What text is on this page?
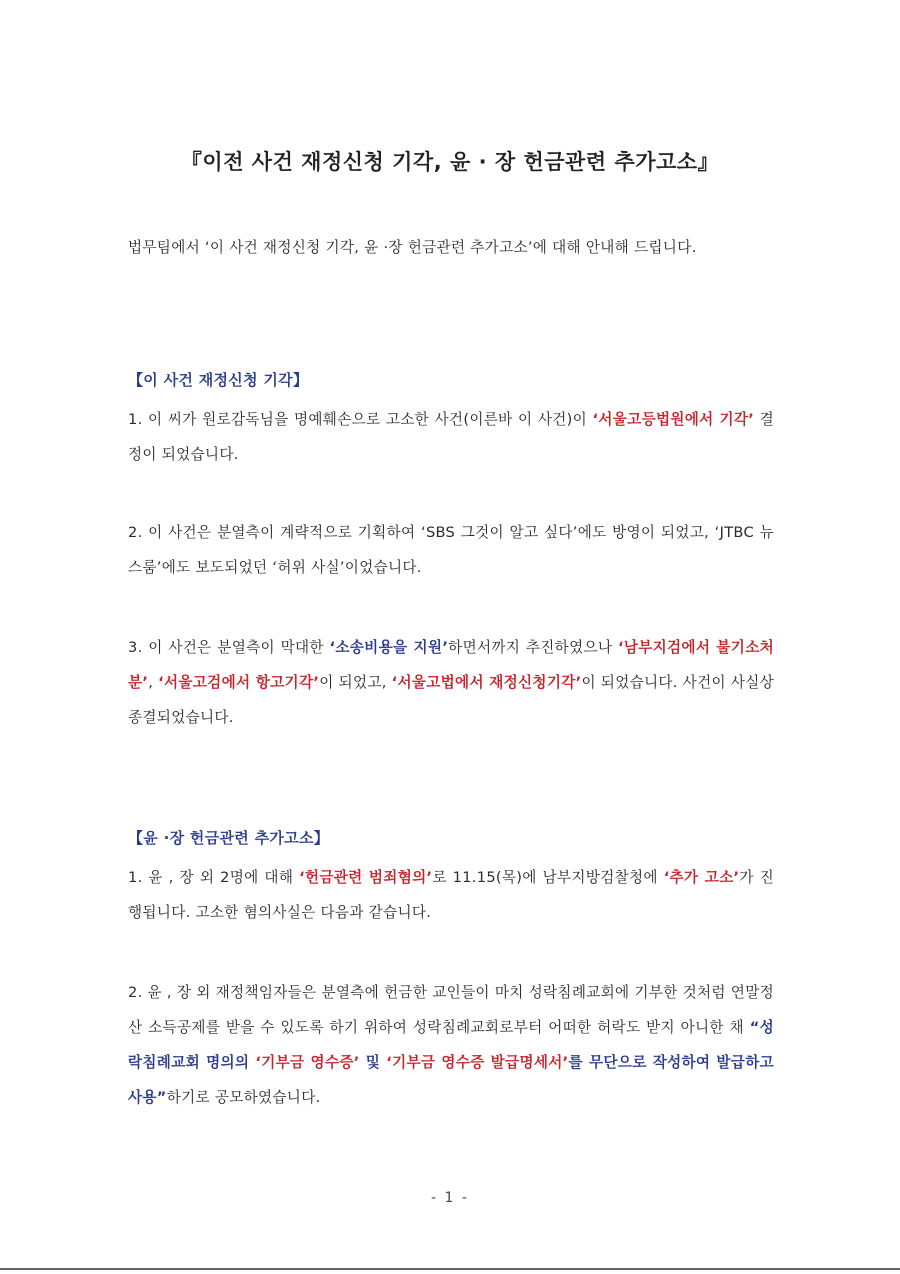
『이전 사건 재정신청 기각, 윤 · 장 헌금관련 추가고소』

법무팀에서 ‘이 사건 재정신청 기각, 윤 ·장 헌금관련 추가고소’에 대해 안내해 드립니다.

【이 사건 재정신청 기각】

1. 이 씨가 원로감독님을 명예훼손으로 고소한 사건(이른바 이 사건)이 ‘서울고등법원에서 기각’ 결정이 되었습니다.

2. 이 사건은 분열측이 계략적으로 기획하여 ‘SBS 그것이 알고 싶다’에도 방영이 되었고, ‘JTBC 뉴스룸’에도 보도되었던 ‘허위 사실’이었습니다.

3. 이 사건은 분열측이 막대한 ‘소송비용을 지원’하면서까지 추진하였으나 ‘남부지검에서 불기소처분’, ‘서울고검에서 항고기각’이 되었고, ‘서울고법에서 재정신청기각’이 되었습니다. 사건이 사실상 종결되었습니다.

【윤 ·장 헌금관련 추가고소】

1. 윤 , 장 외 2명에 대해 ‘헌금관련 범죄혐의’로 11.15(목)에 남부지방검찰청에 ‘추가 고소’가 진행됩니다. 고소한 혐의사실은 다음과 같습니다.

2. 윤 , 장 외 재정책임자들은 분열측에 헌금한 교인들이 마치 성락침례교회에 기부한 것처럼 연말정산 소득공제를 받을 수 있도록 하기 위하여 성락침례교회로부터 어떠한 허락도 받지 아니한 채 “성락침례교회 명의의 ‘기부금 영수증’ 및 ‘기부금 영수증 발급명세서’를 무단으로 작성하여 발급하고 사용”하기로 공모하였습니다.

- 1 -
